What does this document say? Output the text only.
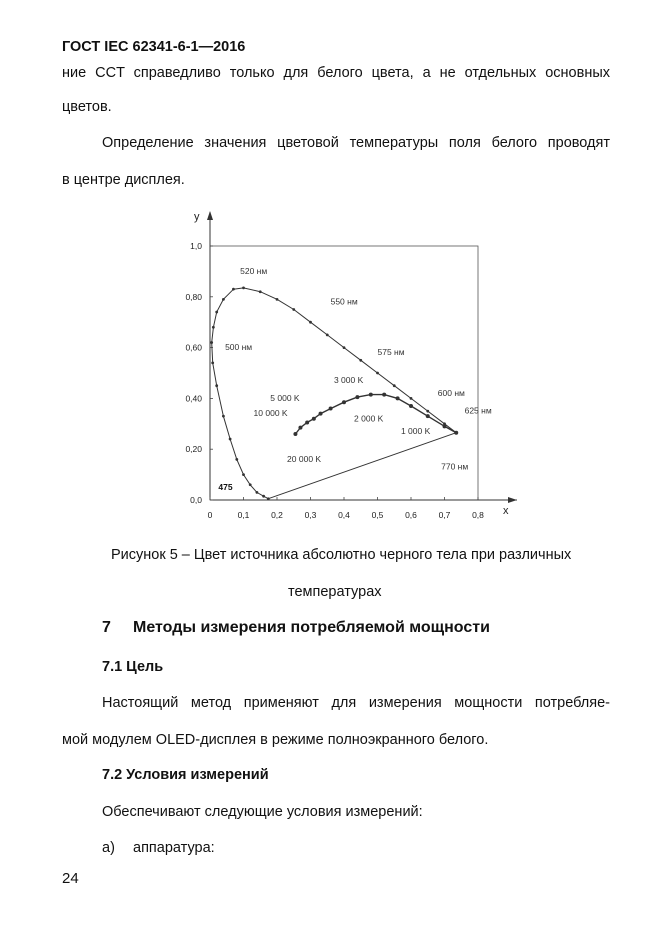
ГОСТ IEC 62341-6-1—2016
ние CCT справедливо только для белого цвета, а не отдельных основных
цветов.
Определение значения цветовой температуры поля белого проводят
в центре дисплея.
y
x
0	0,1	0,2	0,3	0,4	0,5	0,6	0,7	0,8
0,0
0,20
0,40
0,60
0,80
1,0
520 нм
550 нм
575 нм
500 нм
600 нм
625 нм
770 нм
475
3 000 K
5 000 K
10 000 K
2 000 K
1 000 K
20 000 K
Рисунок 5 – Цвет источника абсолютно черного тела при различных
температурах
7 Методы измерения потребляемой мощности
7.1 Цель
Настоящий метод применяют для измерения мощности потребляе-
мой модулем OLED-дисплея в режиме полноэкранного белого.
7.2 Условия измерений
Обеспечивают следующие условия измерений:
а) аппаратура:
24
